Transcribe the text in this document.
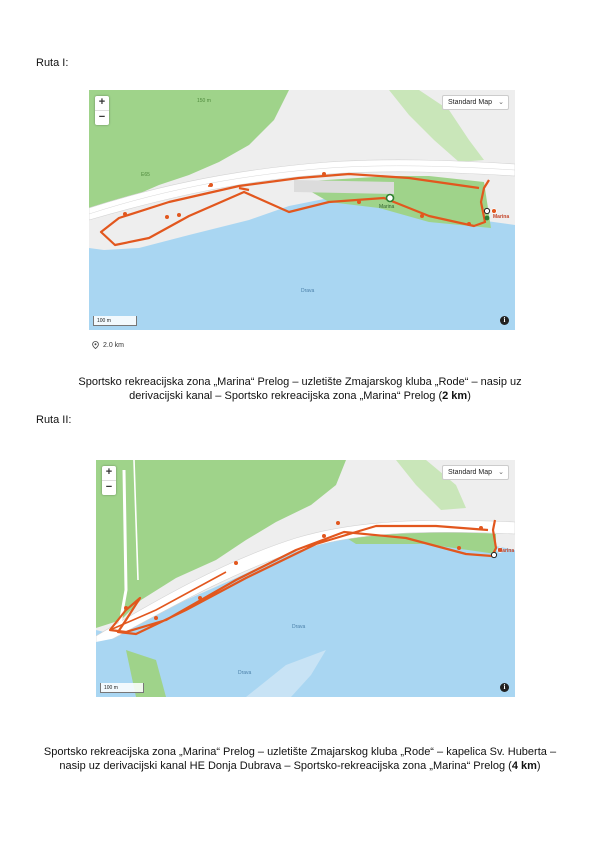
Ruta I:
Drava
Marina
Marina
150 m
E65
+
−
Standard Map ⌄
100 m	i
2.0 km
Sportsko rekreacijska zona „Marina“ Prelog – uzletište Zmajarskog kluba „Rode“ – nasip uz derivacijski kanal – Sportsko rekreacijska zona „Marina“ Prelog (2 km)
Ruta II:
Drava
Drava
Marina
+
−
Standard Map ⌄
100 m	i
Sportsko rekreacijska zona „Marina“ Prelog – uzletište Zmajarskog kluba „Rode“ – kapelica Sv. Huberta – nasip uz derivacijski kanal HE Donja Dubrava – Sportsko-rekreacijska zona „Marina“ Prelog (4 km)
